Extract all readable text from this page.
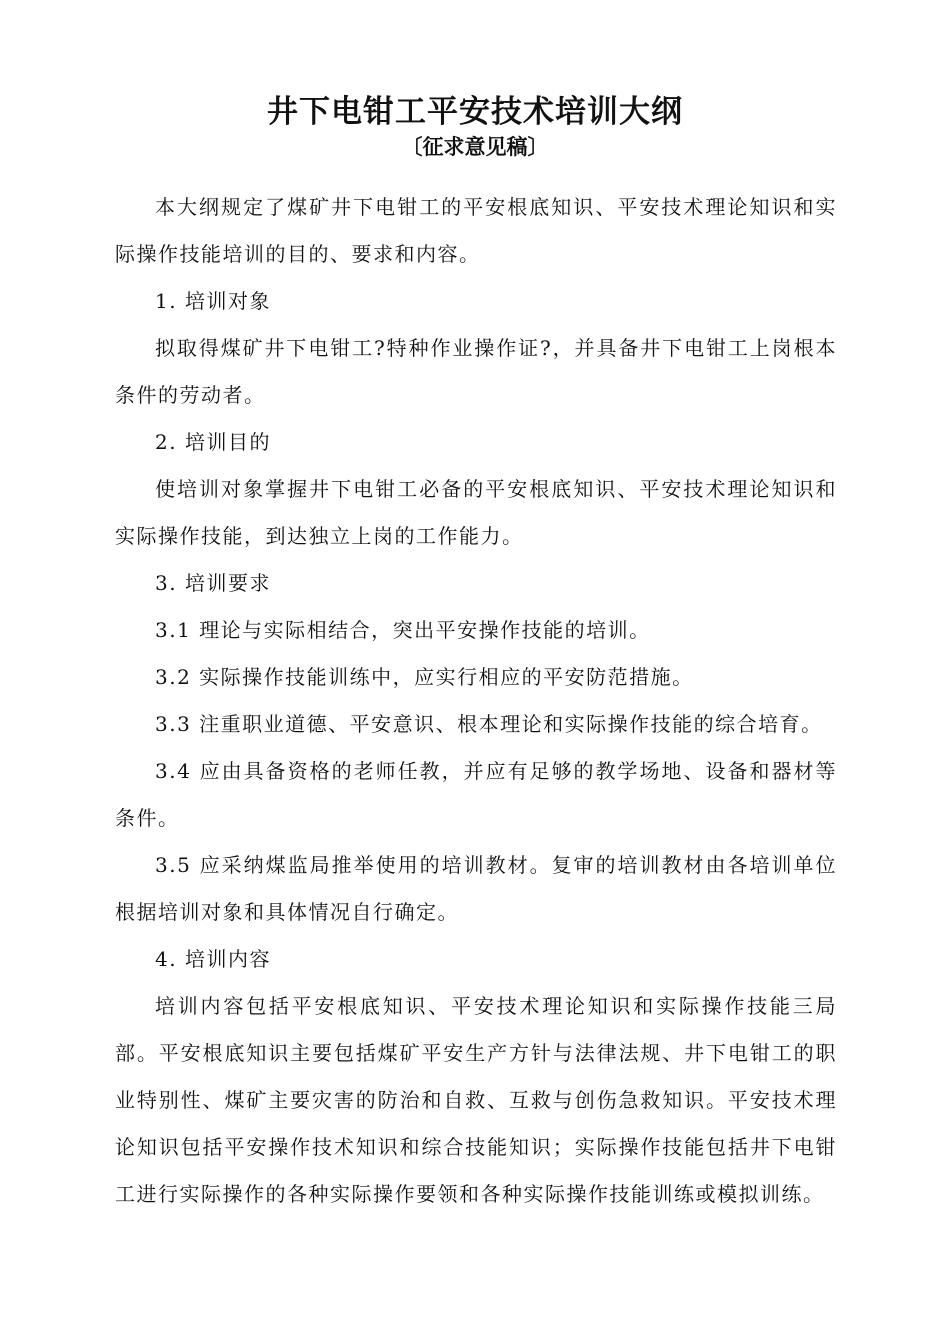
井下电钳工平安技术培训大纲
〔征求意见稿〕

本大纲规定了煤矿井下电钳工的平安根底知识、平安技术理论知识和实际操作技能培训的目的、要求和内容。

1. 培训对象

拟取得煤矿井下电钳工?特种作业操作证?，并具备井下电钳工上岗根本条件的劳动者。

2. 培训目的

使培训对象掌握井下电钳工必备的平安根底知识、平安技术理论知识和实际操作技能，到达独立上岗的工作能力。

3. 培训要求

3.1 理论与实际相结合，突出平安操作技能的培训。

3.2 实际操作技能训练中，应实行相应的平安防范措施。

3.3 注重职业道德、平安意识、根本理论和实际操作技能的综合培育。

3.4 应由具备资格的老师任教，并应有足够的教学场地、设备和器材等条件。

3.5 应采纳煤监局推举使用的培训教材。复审的培训教材由各培训单位根据培训对象和具体情况自行确定。

4. 培训内容

培训内容包括平安根底知识、平安技术理论知识和实际操作技能三局部。平安根底知识主要包括煤矿平安生产方针与法律法规、井下电钳工的职业特别性、煤矿主要灾害的防治和自救、互救与创伤急救知识。平安技术理论知识包括平安操作技术知识和综合技能知识；实际操作技能包括井下电钳工进行实际操作的各种实际操作要领和各种实际操作技能训练或模拟训练。
